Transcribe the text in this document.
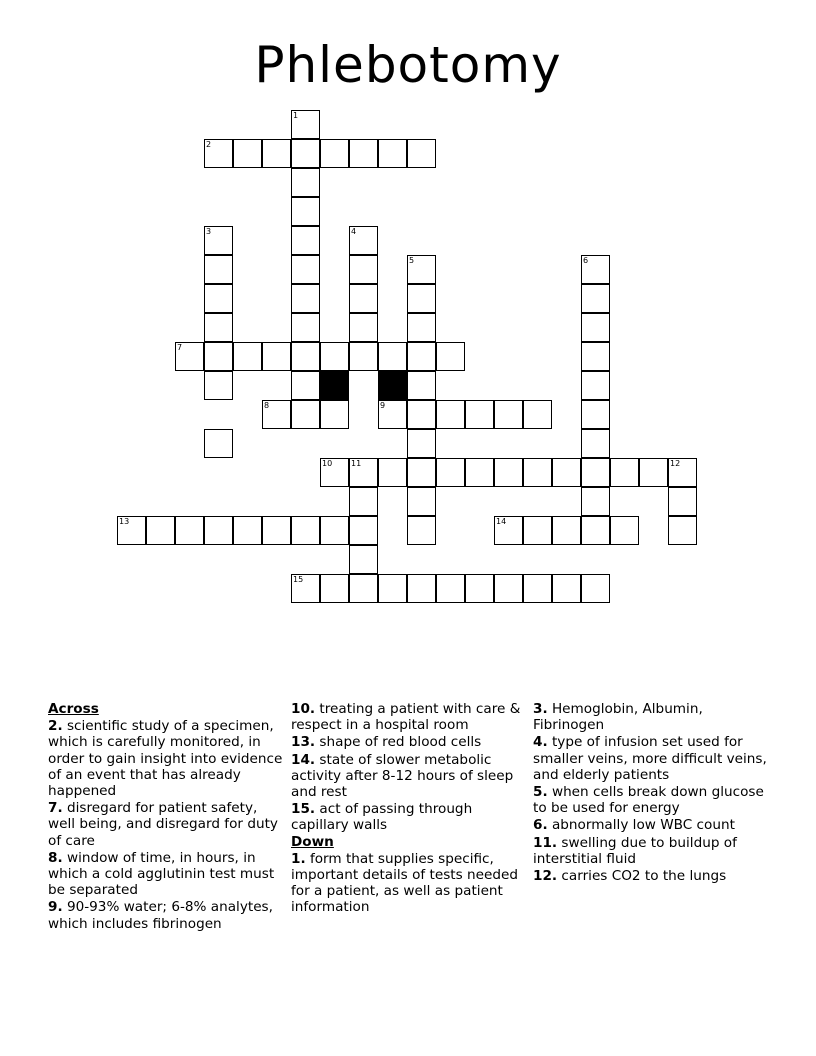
Phlebotomy
1
2
3	4
5	6
7
8	9
10 11	12
13	14
15
Across
2. scientific study of a specimen, which is carefully monitored, in order to gain insight into evidence of an event that has already happened
7. disregard for patient safety, well being, and disregard for duty of care
8. window of time, in hours, in which a cold agglutinin test must be separated
9. 90-93% water; 6-8% analytes, which includes fibrinogen
10. treating a patient with care & respect in a hospital room
13. shape of red blood cells
14. state of slower metabolic activity after 8-12 hours of sleep and rest
15. act of passing through capillary walls
Down
1. form that supplies specific, important details of tests needed for a patient, as well as patient information
3. Hemoglobin, Albumin, Fibrinogen
4. type of infusion set used for smaller veins, more difficult veins, and elderly patients
5. when cells break down glucose to be used for energy
6. abnormally low WBC count
11. swelling due to buildup of interstitial fluid
12. carries CO2 to the lungs
